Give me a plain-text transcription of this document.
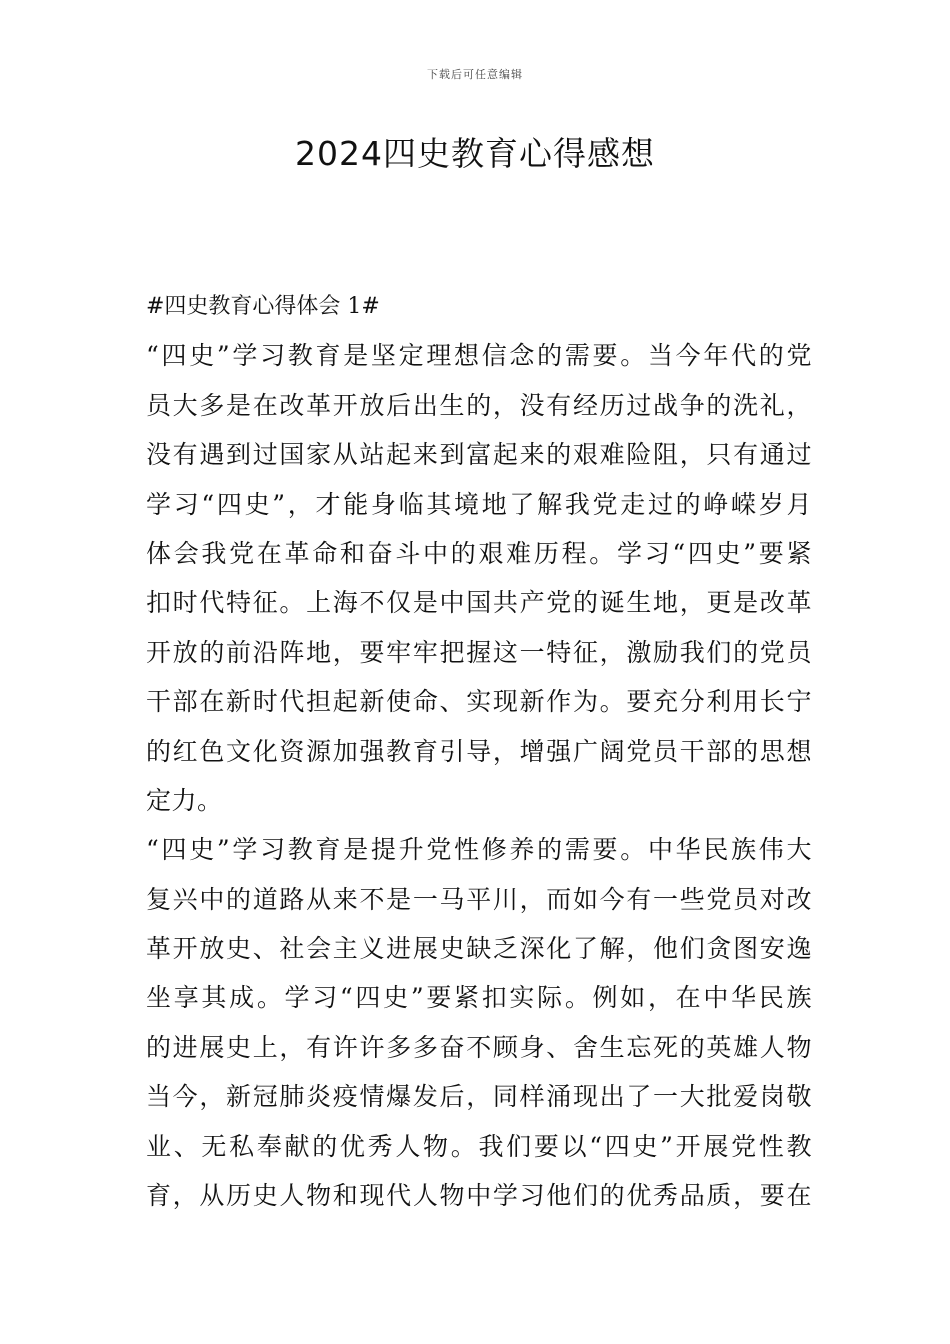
下载后可任意编辑
2024四史教育心得感想
#四史教育心得体会 1#
“四史”学习教育是坚定理想信念的需要。当今年代的党
员大多是在改革开放后出生的，没有经历过战争的洗礼，
没有遇到过国家从站起来到富起来的艰难险阻，只有通过
学习“四史”，才能身临其境地了解我党走过的峥嵘岁月
体会我党在革命和奋斗中的艰难历程。学习“四史”要紧
扣时代特征。上海不仅是中国共产党的诞生地，更是改革
开放的前沿阵地，要牢牢把握这一特征，激励我们的党员
干部在新时代担起新使命、实现新作为。要充分利用长宁
的红色文化资源加强教育引导，增强广阔党员干部的思想
定力。
“四史”学习教育是提升党性修养的需要。中华民族伟大
复兴中的道路从来不是一马平川，而如今有一些党员对改
革开放史、社会主义进展史缺乏深化了解，他们贪图安逸
坐享其成。学习“四史”要紧扣实际。例如，在中华民族
的进展史上，有许许多多奋不顾身、舍生忘死的英雄人物
当今，新冠肺炎疫情爆发后，同样涌现出了一大批爱岗敬
业、无私奉献的优秀人物。我们要以“四史”开展党性教
育，从历史人物和现代人物中学习他们的优秀品质，要在
